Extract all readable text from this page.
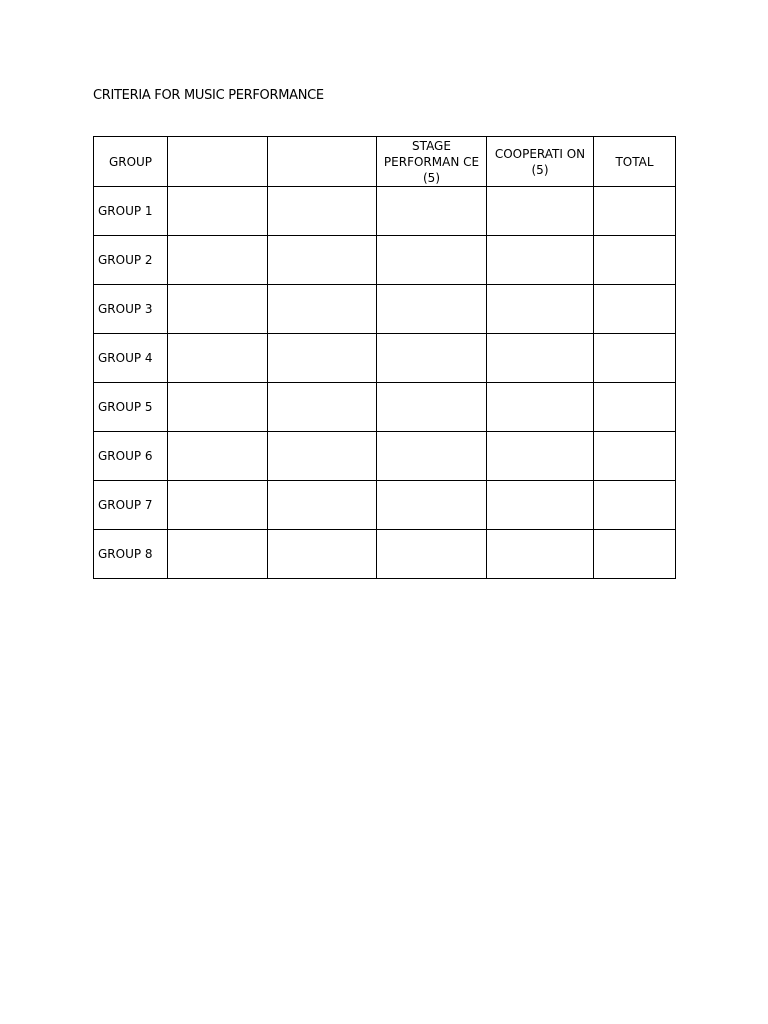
CRITERIA FOR MUSIC PERFORMANCE
GROUP			STAGE PERFORMAN CE (5)	COOPERATI ON (5)	TOTAL
GROUP 1					
GROUP 2					
GROUP 3					
GROUP 4					
GROUP 5					
GROUP 6					
GROUP 7					
GROUP 8					
